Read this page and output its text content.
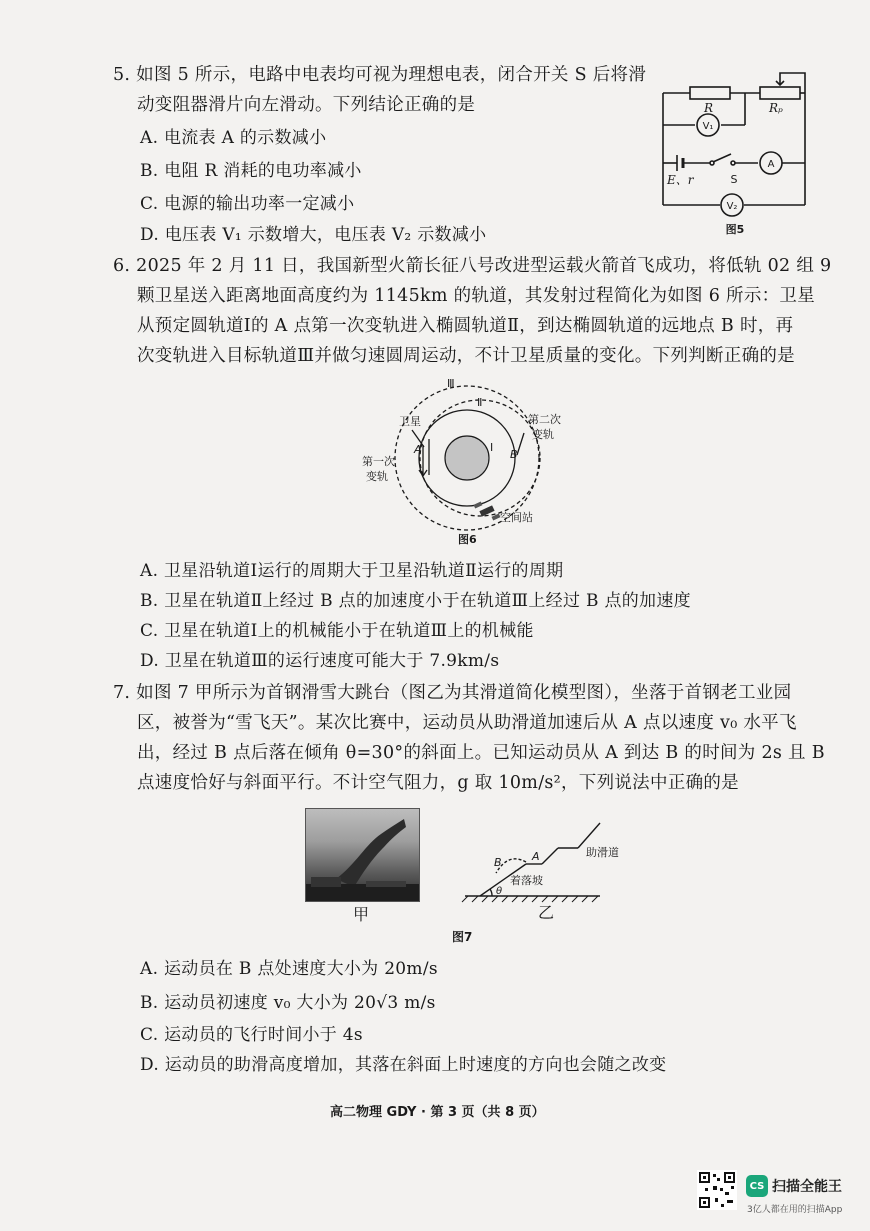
5. 如图 5 所示，电路中电表均可视为理想电表，闭合开关 S 后将滑
动变阻器滑片向左滑动。下列结论正确的是
A. 电流表 A 的示数减小
B. 电阻 R 消耗的电功率减小
C. 电源的输出功率一定减小
D. 电压表 V₁ 示数增大，电压表 V₂ 示数减小
R	Rₚ
E、r
V₁
A
V₂
S
图5
6. 2025 年 2 月 11 日，我国新型火箭长征八号改进型运载火箭首飞成功，将低轨 02 组 9
颗卫星送入距离地面高度约为 1145km 的轨道，其发射过程简化为如图 6 所示：卫星
从预定圆轨道Ⅰ的 A 点第一次变轨进入椭圆轨道Ⅱ，到达椭圆轨道的远地点 B 时，再
次变轨进入目标轨道Ⅲ并做匀速圆周运动，不计卫星质量的变化。下列判断正确的是
Ⅲ
Ⅱ
Ⅰ
卫星
A	B
第一次
变轨
第二次
变轨
空间站
图6
A. 卫星沿轨道Ⅰ运行的周期大于卫星沿轨道Ⅱ运行的周期
B. 卫星在轨道Ⅱ上经过 B 点的加速度小于在轨道Ⅲ上经过 B 点的加速度
C. 卫星在轨道Ⅰ上的机械能小于在轨道Ⅲ上的机械能
D. 卫星在轨道Ⅲ的运行速度可能大于 7.9km/s
7. 如图 7 甲所示为首钢滑雪大跳台（图乙为其滑道简化模型图），坐落于首钢老工业园
区，被誉为“雪飞天”。某次比赛中，运动员从助滑道加速后从 A 点以速度 v₀ 水平飞
出，经过 B 点后落在倾角 θ=30°的斜面上。已知运动员从 A 到达 B 的时间为 2s 且 B
点速度恰好与斜面平行。不计空气阻力，g 取 10m/s²，下列说法中正确的是
甲
A
B
θ
着落坡
助滑道
乙
图7
A. 运动员在 B 点处速度大小为 20m/s
B. 运动员初速度 v₀ 大小为 20√3 m/s
C. 运动员的飞行时间小于 4s
D. 运动员的助滑高度增加，其落在斜面上时速度的方向也会随之改变
高二物理 GDY · 第 3 页（共 8 页）
CS 扫描全能王
3亿人都在用的扫描App
